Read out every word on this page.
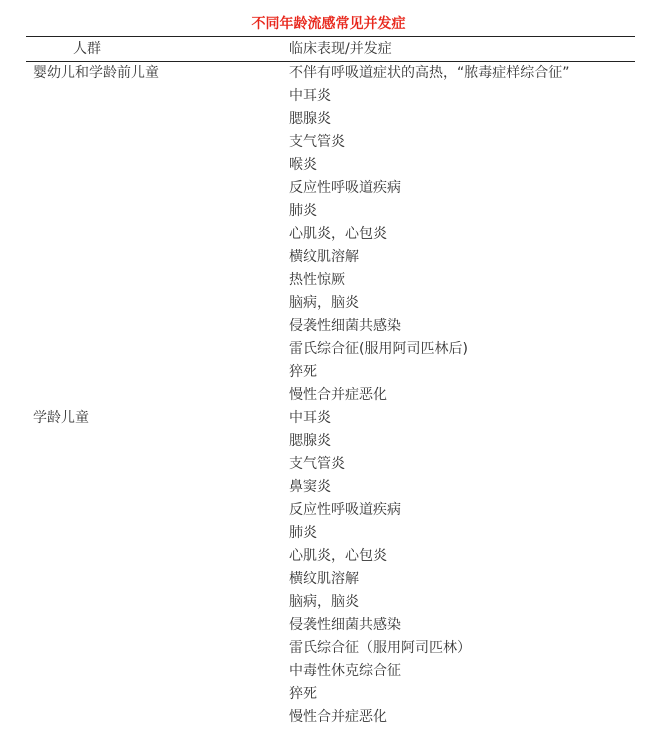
不同年龄流感常见并发症
人群	临床表现/并发症
婴幼儿和学龄前儿童	不伴有呼吸道症状的高热，“脓毒症样综合征”
中耳炎
腮腺炎
支气管炎
喉炎
反应性呼吸道疾病
肺炎
心肌炎，心包炎
横纹肌溶解
热性惊厥
脑病，脑炎
侵袭性细菌共感染
雷氏综合征(服用阿司匹林后)
猝死
慢性合并症恶化
学龄儿童	中耳炎
腮腺炎
支气管炎
鼻窦炎
反应性呼吸道疾病
肺炎
心肌炎，心包炎
横纹肌溶解
脑病，脑炎
侵袭性细菌共感染
雷氏综合征（服用阿司匹林）
中毒性休克综合征
猝死
慢性合并症恶化
